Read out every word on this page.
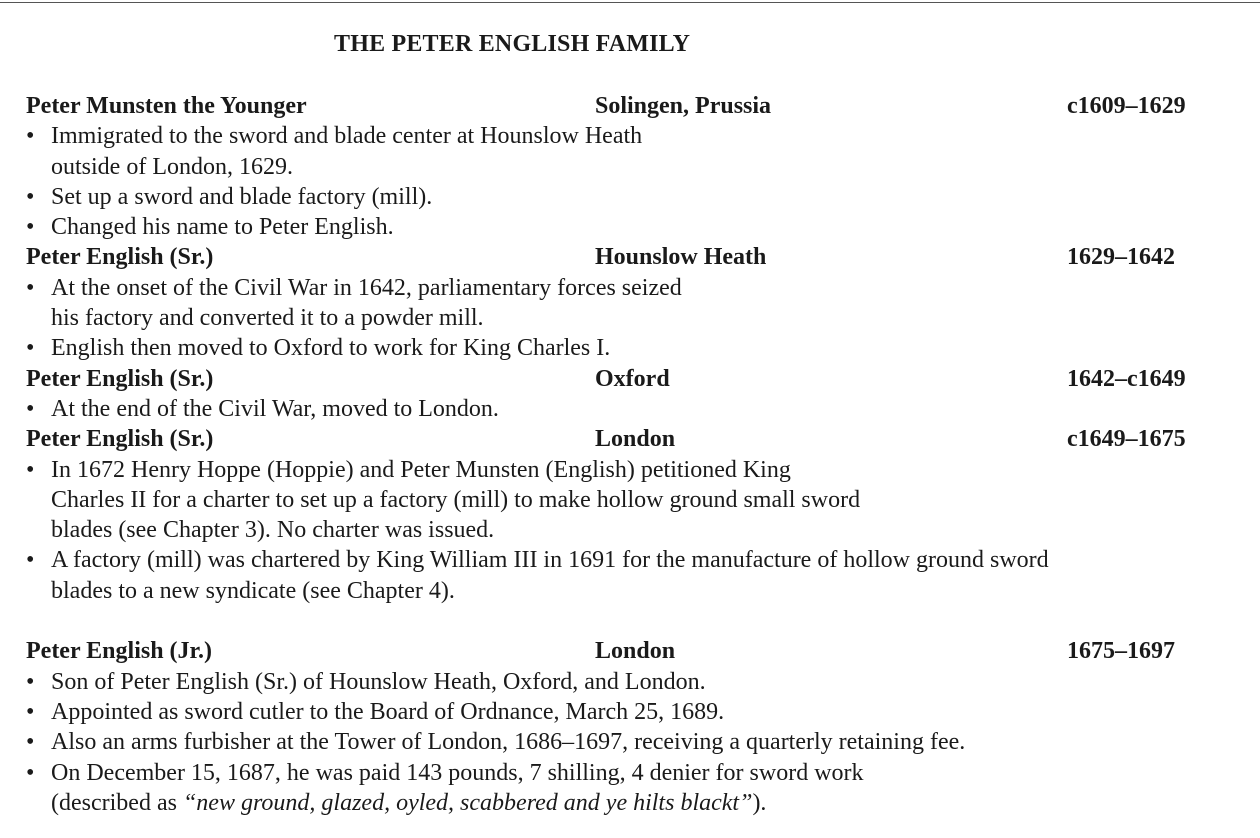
THE PETER ENGLISH FAMILY
Peter Munsten the Younger	Solingen, Prussia	c1609–1629
• Immigrated to the sword and blade center at Hounslow Heath
outside of London, 1629.
• Set up a sword and blade factory (mill).
• Changed his name to Peter English.
Peter English (Sr.)	Hounslow Heath	1629–1642
• At the onset of the Civil War in 1642, parliamentary forces seized
his factory and converted it to a powder mill.
• English then moved to Oxford to work for King Charles I.
Peter English (Sr.)	Oxford	1642–c1649
• At the end of the Civil War, moved to London.
Peter English (Sr.)	London	c1649–1675
• In 1672 Henry Hoppe (Hoppie) and Peter Munsten (English) petitioned King
Charles II for a charter to set up a factory (mill) to make hollow ground small sword
blades (see Chapter 3). No charter was issued.
• A factory (mill) was chartered by King William III in 1691 for the manufacture of hollow ground sword
blades to a new syndicate (see Chapter 4).
Peter English (Jr.)	London	1675–1697
• Son of Peter English (Sr.) of Hounslow Heath, Oxford, and London.
• Appointed as sword cutler to the Board of Ordnance, March 25, 1689.
• Also an arms furbisher at the Tower of London, 1686–1697, receiving a quarterly retaining fee.
• On December 15, 1687, he was paid 143 pounds, 7 shilling, 4 denier for sword work
(described as “new ground, glazed, oyled, scabbered and ye hilts blackt”).
